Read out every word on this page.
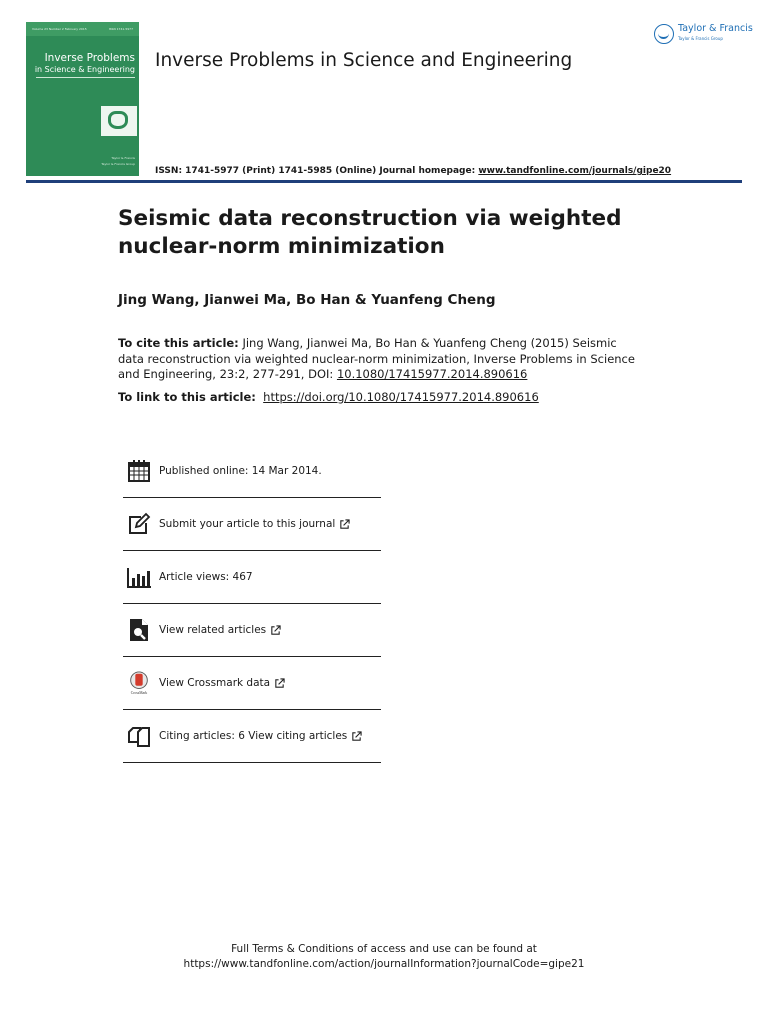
Volume 23 Number 2 February 2015	ISSN 1741-5977
Inverse Problems
in Science & Engineering
Taylor & Francis
Taylor & Francis Group
Inverse Problems in Science and Engineering
Taylor & Francis
Taylor & Francis Group
ISSN: 1741-5977 (Print) 1741-5985 (Online) Journal homepage: www.tandfonline.com/journals/gipe20
Seismic data reconstruction via weighted nuclear-norm minimization
Jing Wang, Jianwei Ma, Bo Han & Yuanfeng Cheng
To cite this article: Jing Wang, Jianwei Ma, Bo Han & Yuanfeng Cheng (2015) Seismic data reconstruction via weighted nuclear-norm minimization, Inverse Problems in Science and Engineering, 23:2, 277-291, DOI: 10.1080/17415977.2014.890616
To link to this article: https://doi.org/10.1080/17415977.2014.890616
Published online: 14 Mar 2014.
Submit your article to this journal
Article views: 467
View related articles
CrossMark
View Crossmark data
Citing articles: 6 View citing articles
Full Terms & Conditions of access and use can be found at
https://www.tandfonline.com/action/journalInformation?journalCode=gipe21
